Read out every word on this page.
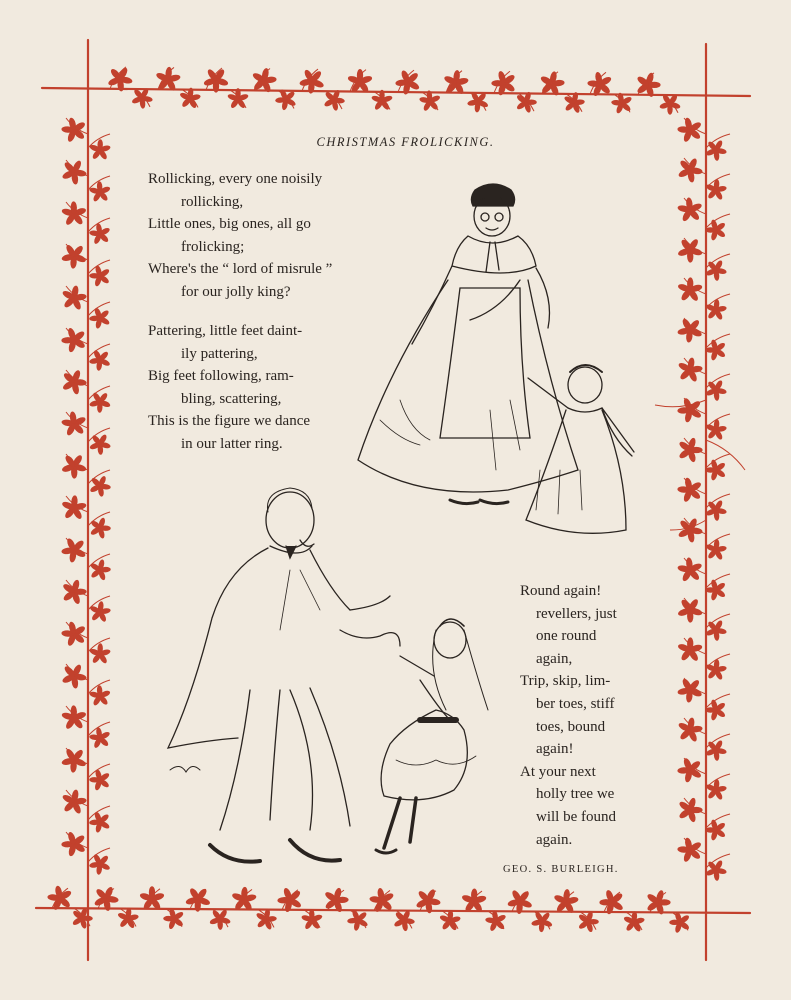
CHRISTMAS FROLICKING.
Rollicking, every one noisily
rollicking,
Little ones, big ones, all go
frolicking;
Where's the “ lord of misrule ”
for our jolly king?
Pattering, little feet daint-
ily pattering,
Big feet following, ram-
bling, scattering,
This is the figure we dance
in our latter ring.
Round again!
revellers, just
one round
again,
Trip, skip, lim-
ber toes, stiff
toes, bound
again!
At your next
holly tree we
will be found
again.
GEO. S. BURLEIGH.
